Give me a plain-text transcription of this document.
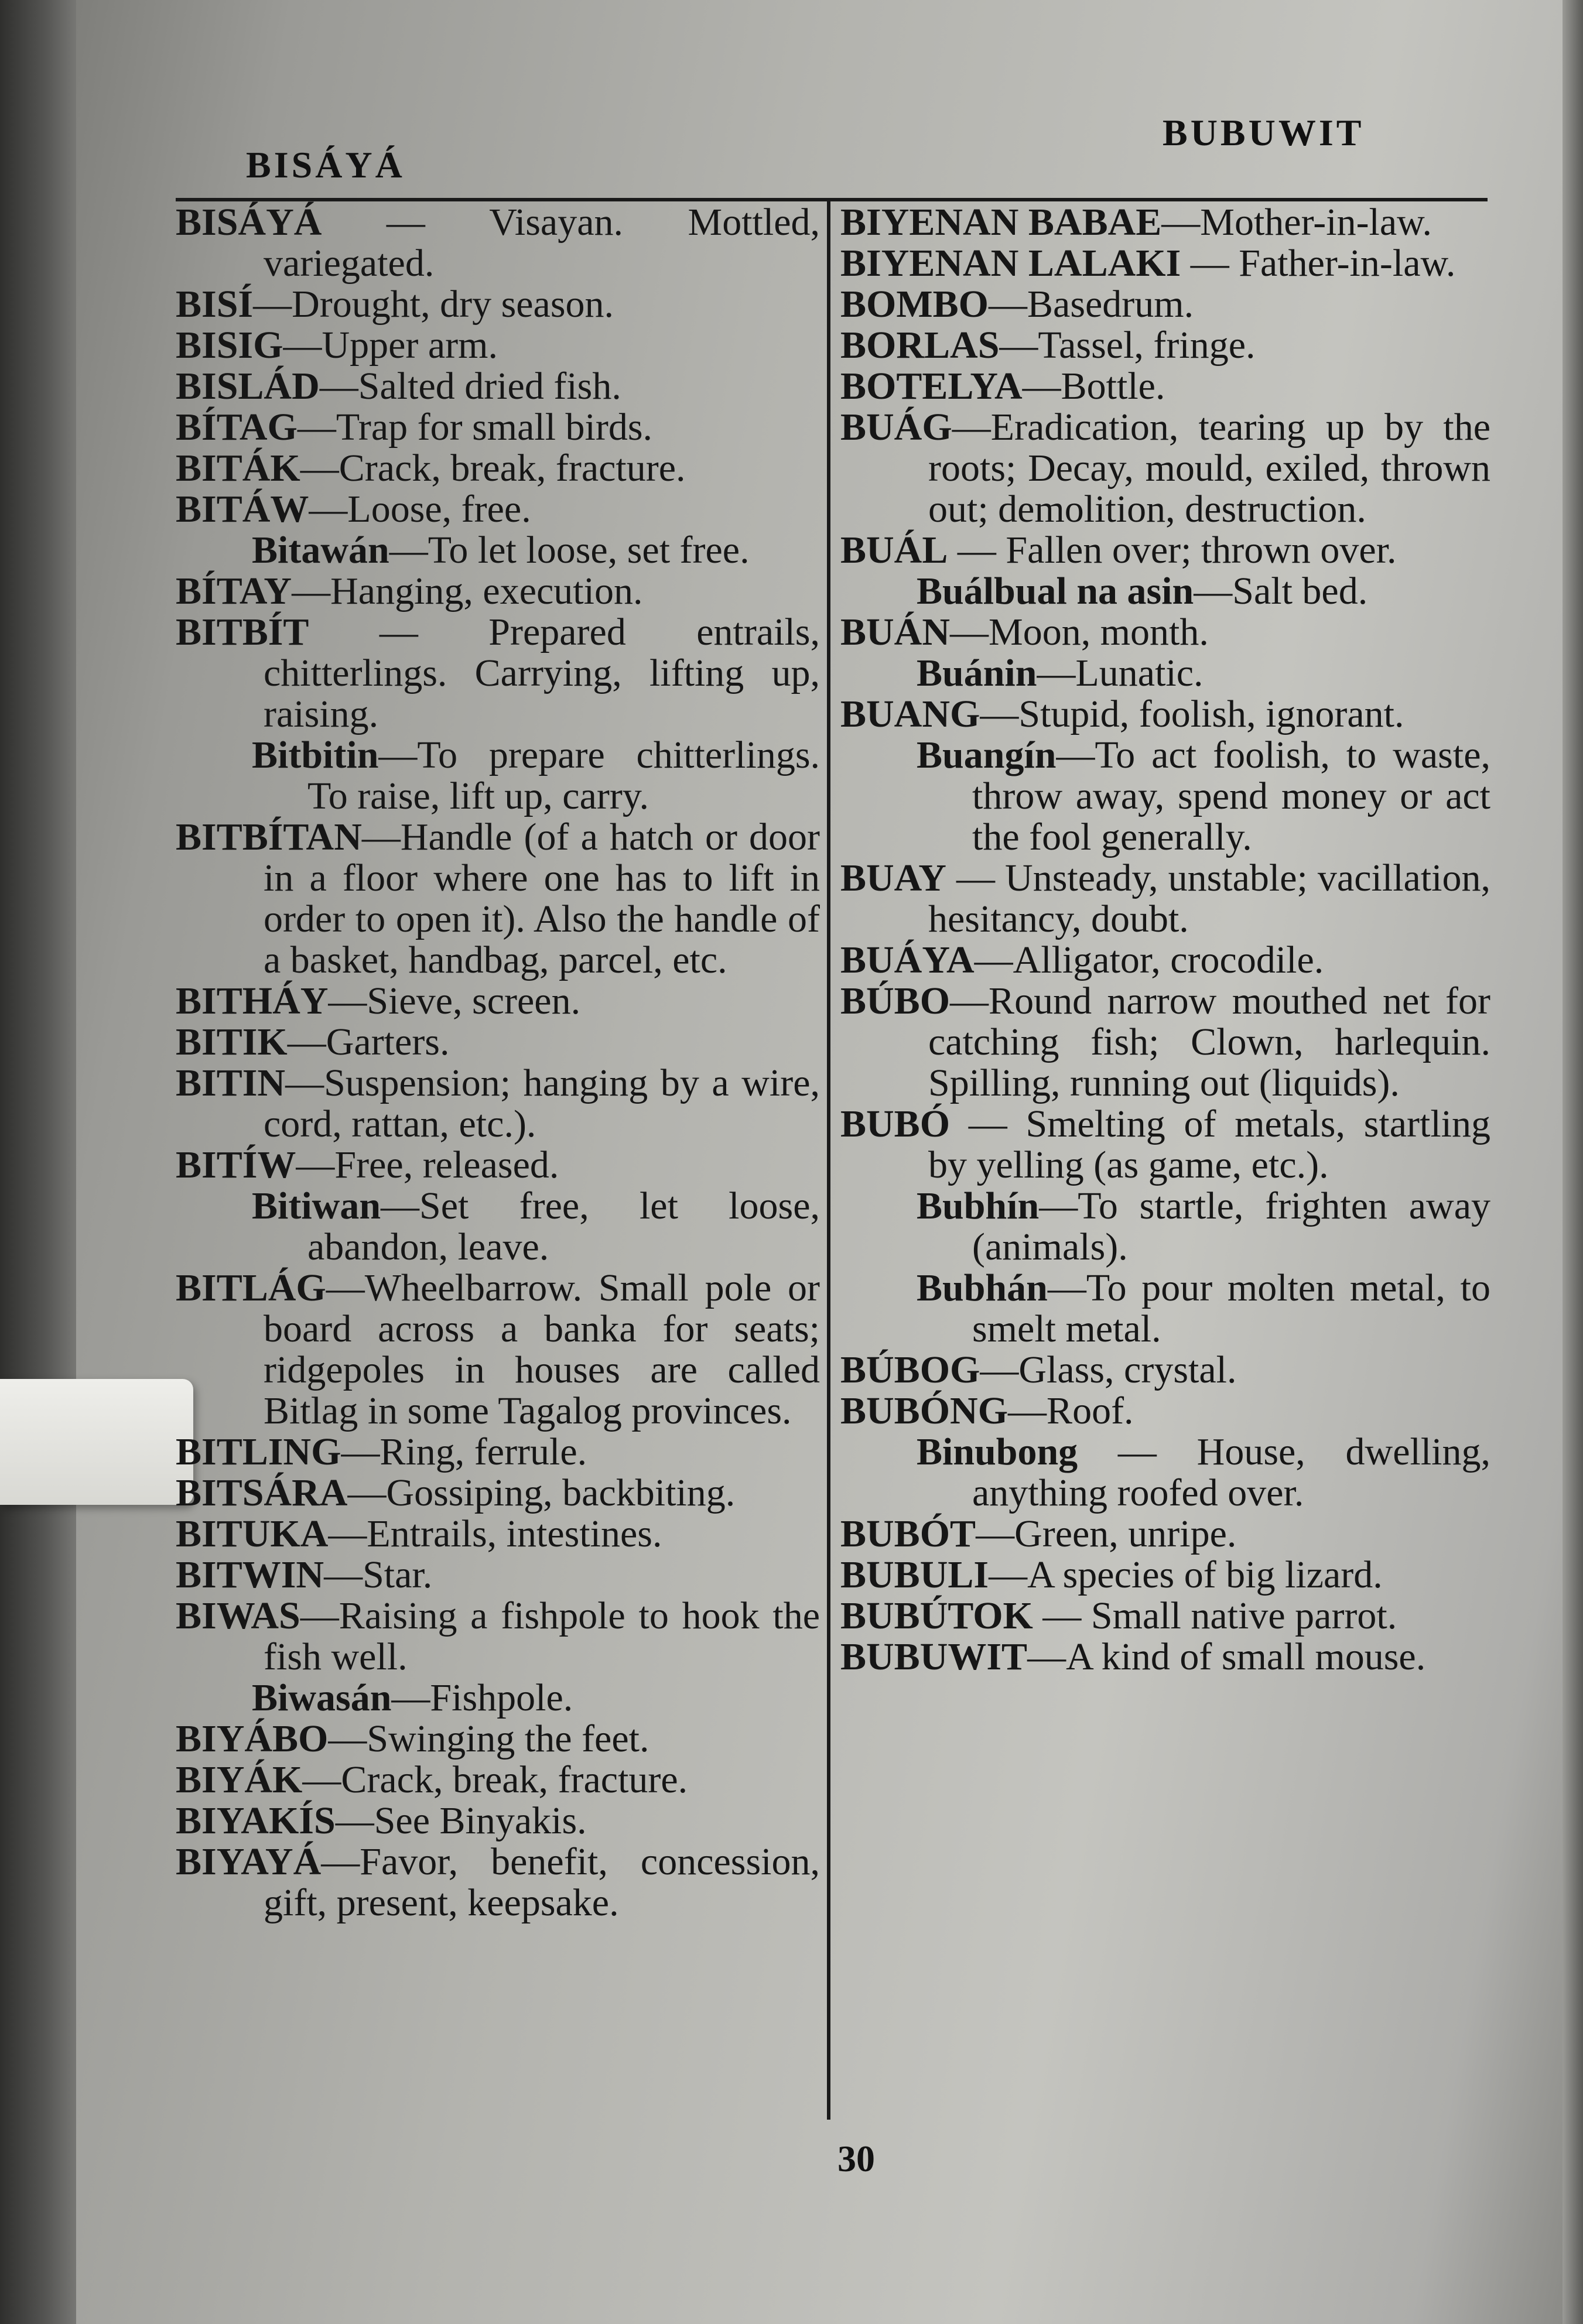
BISÁYÁ
BUBUWIT

BISÁYÁ — Visayan. Mottled, variegated.

BISÍ—Drought, dry season.

BISIG—Upper arm.

BISLÁD—Salted dried fish.

BÍTAG—Trap for small birds.

BITÁK—Crack, break, fracture.

BITÁW—Loose, free.

Bitawán—To let loose, set free.

BÍTAY—Hanging, execution.

BITBÍT — Prepared entrails, chitterlings. Carrying, lifting up, raising.

Bitbitin—To prepare chitterlings. To raise, lift up, carry.

BITBÍTAN—Handle (of a hatch or door in a floor where one has to lift in order to open it). Also the handle of a basket, handbag, parcel, etc.

BITHÁY—Sieve, screen.

BITIK—Garters.

BITIN—Suspension; hanging by a wire, cord, rattan, etc.).

BITÍW—Free, released.

Bitiwan—Set free, let loose, abandon, leave.

BITLÁG—Wheelbarrow. Small pole or board across a banka for seats; ridgepoles in houses are called Bitlag in some Tagalog provinces.

BITLING—Ring, ferrule.

BITSÁRA—Gossiping, backbiting.

BITUKA—Entrails, intestines.

BITWIN—Star.

BIWAS—Raising a fishpole to hook the fish well.

Biwasán—Fishpole.

BIYÁBO—Swinging the feet.

BIYÁK—Crack, break, fracture.

BIYAKÍS—See Binyakis.

BIYAYÁ—Favor, benefit, concession, gift, present, keepsake.

BIYENAN BABAE—Mother-in-law.

BIYENAN LALAKI — Father-in-law.

BOMBO—Basedrum.

BORLAS—Tassel, fringe.

BOTELYA—Bottle.

BUÁG—Eradication, tearing up by the roots; Decay, mould, exiled, thrown out; demolition, destruction.

BUÁL — Fallen over; thrown over.

Buálbual na asin—Salt bed.

BUÁN—Moon, month.

Buánin—Lunatic.

BUANG—Stupid, foolish, ignorant.

Buangín—To act foolish, to waste, throw away, spend money or act the fool generally.

BUAY — Unsteady, unstable; vacillation, hesitancy, doubt.

BUÁYA—Alligator, crocodile.

BÚBO—Round narrow mouthed net for catching fish; Clown, harlequin. Spilling, running out (liquids).

BUBÓ — Smelting of metals, startling by yelling (as game, etc.).

Bubhín—To startle, frighten away (animals).

Bubhán—To pour molten metal, to smelt metal.

BÚBOG—Glass, crystal.

BUBÓNG—Roof.

Binubong — House, dwelling, anything roofed over.

BUBÓT—Green, unripe.

BUBULI—A species of big lizard.

BUBÚTOK — Small native parrot.

BUBUWIT—A kind of small mouse.

30
